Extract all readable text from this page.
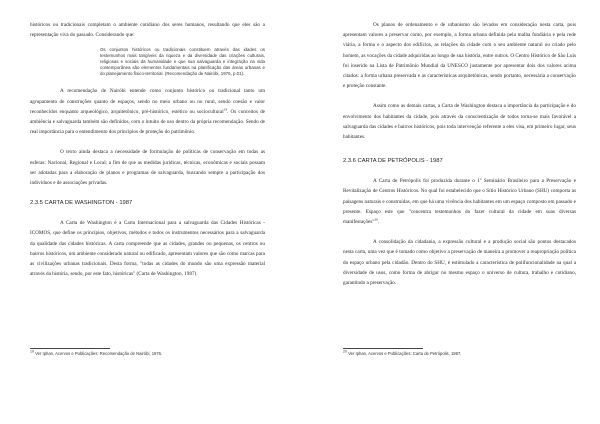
históricos ou tradicionais completam o ambiente cotidiano dos seres humanos, resultando que eles são a representação viva do passado. Considerando que:

Os conjuntos históricos ou tradicionais constituem através das idades os testemunhos mais tangíveis da riqueza e da diversidade das criações culturais, religiosas e sociais da humanidade e que sua salvaguarda e integração na vida contemporânea são elementos fundamentais na planificação das áreas urbanas e do planejamento físico-territorial. (Recomendação de Nairóbi, 1976, p.01).

A recomendação de Nairóbi entende como conjunto histórico ou tradicional tanto um agrupamento de construções quanto de espaços, sendo no meio urbano ou no rural, sendo coesão e valor reconhecidos enquanto arqueológico, arquitetônico, pré-histórico, estético ou sociocultural$^{19}$. Os conceitos de ambiência e salvaguarda também são definidos, com o intuito de uso dentro da própria recomendação. Sendo de real importância para o entendimento dos princípios de proteção do patrimônio.

O texto ainda destaca a necessidade de formulação de políticas de conservação em todas as esferas: Nacional, Regional e Local; a fim de que as medidas jurídicas, técnicas, econômicas e sociais possam ser adotadas para a elaboração de planos e programas de salvaguarda, buscando sempre a participação dos indivíduos e de associações privadas.

2.3.5 CARTA DE WASHINGTON - 1987

A Carta de Washington é a Carta Internacional para a salvaguarda das Cidades Históricas - ICOMOS, que define os princípios, objetivos, métodos e todos os instrumentos necessários para a salvaguarda da qualidade das cidades históricas. A carta compreende que as cidades, grandes ou pequenas, os centros ou bairros históricos, um ambiente considerado natural ou edificado, apresentam valores que são como marcas para as civilizações urbanas tradicionais. Desta forma, "todas as cidades do mundo são uma expressão material através da história, sendo, por este fato, históricas" (Carta de Washington, 1987).

$^{19}$ Ver Iphan, Acervos e Publicações: Recomendação de Nairóbi, 1976.

Os planos de ordenamento e de urbanismo são levados em consideração nesta carta, pois apresentam valores a preservar como, por exemplo, a forma urbana definida pela malha fundiária e pela rede viária, a forma e o aspecto dos edifícios, as relações da cidade com o seu ambiente natural ou criado pelo homem, as vocações da cidade adquiridas ao longo de sua história, entre outros. O Centro Histórico de São Luís foi inserido na Lista de Patrimônio Mundial da UNESCO justamente por apresentar dois dos valores acima citados: a forma urbana preservada e as características arquitetônicas, sendo portanto, necessária a conservação e proteção constante.

Assim como as demais cartas, a Carta de Washington destaca a importância da participação e do envolvimento dos habitantes da cidade, pois através da conscientização de todos torna-se mais favorável a salvaguarda das cidades e bairros históricos, pois toda intervenção referente a eles visa, em primeiro lugar, seus habitantes.

2.3.6 CARTA DE PETRÓPOLIS - 1987

A Carta de Petrópolis foi produzida durante o 1º Seminário Brasileiro para a Preservação e Revitalização de Centros Históricos. No qual foi estabelecido que o Sítio Histórico Urbano (SHU) comporta as paisagens naturais e construídas, em que há uma vivência dos habitantes em um espaço composto em passado e presente. Espaço este que "concentra testemunhos do fazer cultural da cidade em suas diversas manifestações"$^{20}$.

A consolidação da cidadania, a expressão cultural e a produção social são pontos destacados nesta carta, uma vez que é tomado como objetivo a preservação de maneira a promover a reapropriação política do espaço urbano pela cidadão. Dentro do SHU, é estimulado a característica de polifuncionalidade na qual a diversidade de usos, como forma de abrigar no mesmo espaço o universo de cultura, trabalho e cotidiano, garantindo a preservação.

$^{20}$ Ver Iphan, Acervos e Publicações: Carta de Petrópolis, 1987.
